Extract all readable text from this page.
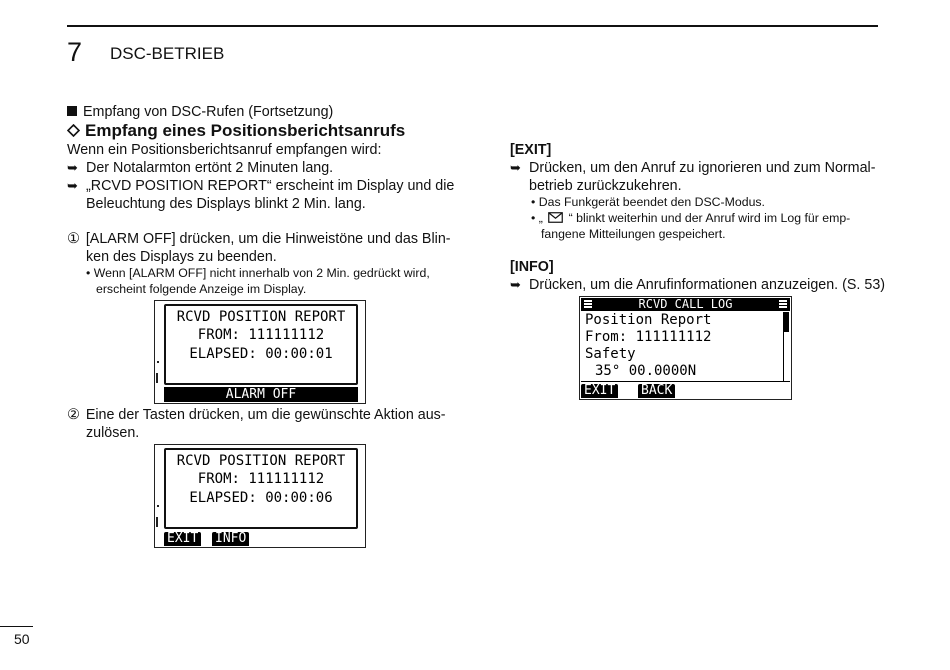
7 DSC-BETRIEB
Empfang von DSC-Rufen (Fortsetzung)
Empfang eines Positionsberichtsanrufs
Wenn ein Positionsberichtsanruf empfangen wird:
➥ Der Notalarmton ertönt 2 Minuten lang.
➥ „RCVD POSITION REPORT“ erscheint im Display und die
Beleuchtung des Displays blinkt 2 Min. lang.
① [ALARM OFF] drücken, um die Hinweistöne und das Blin-
ken des Displays zu beenden.
• Wenn [ALARM OFF] nicht innerhalb von 2 Min. gedrückt wird,
erscheint folgende Anzeige im Display.
RCVD POSITION REPORT
FROM: 111111112
ELAPSED: 00:00:01
ALARM OFF
② Eine der Tasten drücken, um die gewünschte Aktion aus-
zulösen.
RCVD POSITION REPORT
FROM: 111111112
ELAPSED: 00:00:06
EXIT INFO
[EXIT]
➥ Drücken, um den Anruf zu ignorieren und zum Normal-
betrieb zurückzukehren.
• Das Funkgerät beendet den DSC-Modus.
• „ “ blinkt weiterhin und der Anruf wird im Log für emp-
fangene Mitteilungen gespeichert.
[INFO]
➥ Drücken, um die Anrufinformationen anzuzeigen. (S. 53)
RCVD CALL LOG
Position Report
From: 111111112
Safety
35° 00.0000N
EXIT BACK
50
